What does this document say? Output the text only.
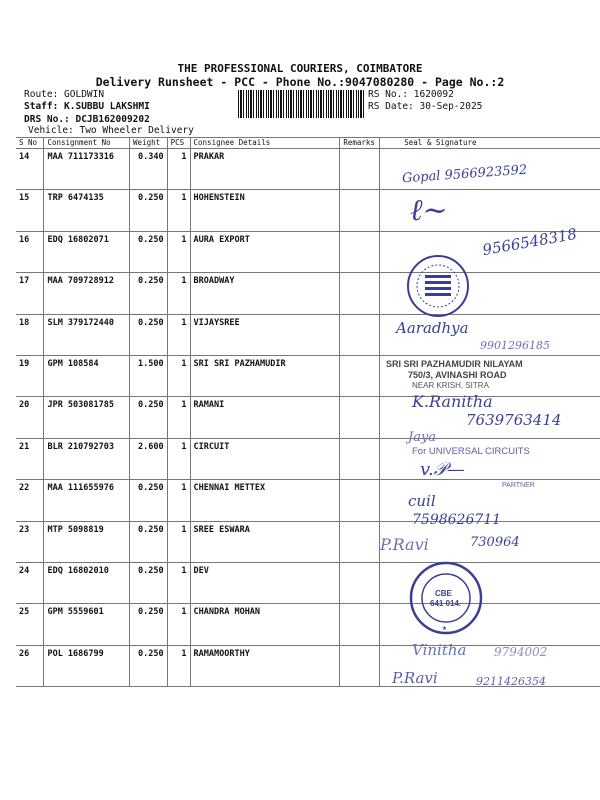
THE PROFESSIONAL COURIERS, COIMBATORE
Delivery Runsheet - PCC - Phone No.:9047080280 - Page No.:2
Route: GOLDWIN
Staff: K.SUBBU LAKSHMI
DRS No.: DCJB162009202
Vehicle: Two Wheeler Delivery
RS No.: 1620092
RS Date: 30-Sep-2025
S No	Consignment No	Weight	PCS	Consignee Details	Remarks	Seal & Signature
14	MAA 711173316	0.340	1	PRAKAR		
15	TRP 6474135	0.250	1	HOHENSTEIN		
16	EDQ 16802071	0.250	1	AURA EXPORT		
17	MAA 709728912	0.250	1	BROADWAY		
18	SLM 379172440	0.250	1	VIJAYSREE		
19	GPM 108584	1.500	1	SRI SRI PAZHAMUDIR		
20	JPR 503081785	0.250	1	RAMANI		
21	BLR 210792703	2.600	1	CIRCUIT		
22	MAA 111655976	0.250	1	CHENNAI METTEX		
23	MTP 5098819	0.250	1	SREE ESWARA		
24	EDQ 16802010	0.250	1	DEV		
25	GPM 5559601	0.250	1	CHANDRA MOHAN		
26	POL 1686799	0.250	1	RAMAMOORTHY		
Gopal 9566923592
ℓ~
9566548318
Aaradhya
9901296185
SRI SRI PAZHAMUDIR NILAYAM
750/3, AVINASHI ROAD
NEAR KRISH, SITRA
K.Ranitha
7639763414
Jaya
For UNIVERSAL CIRCUITS
v.𝒫—
PARTNER
cuil
7598626711
P.Ravi	730964
CBE
641 014.
★
Vinitha 9794002
P.Ravi	9211426354
